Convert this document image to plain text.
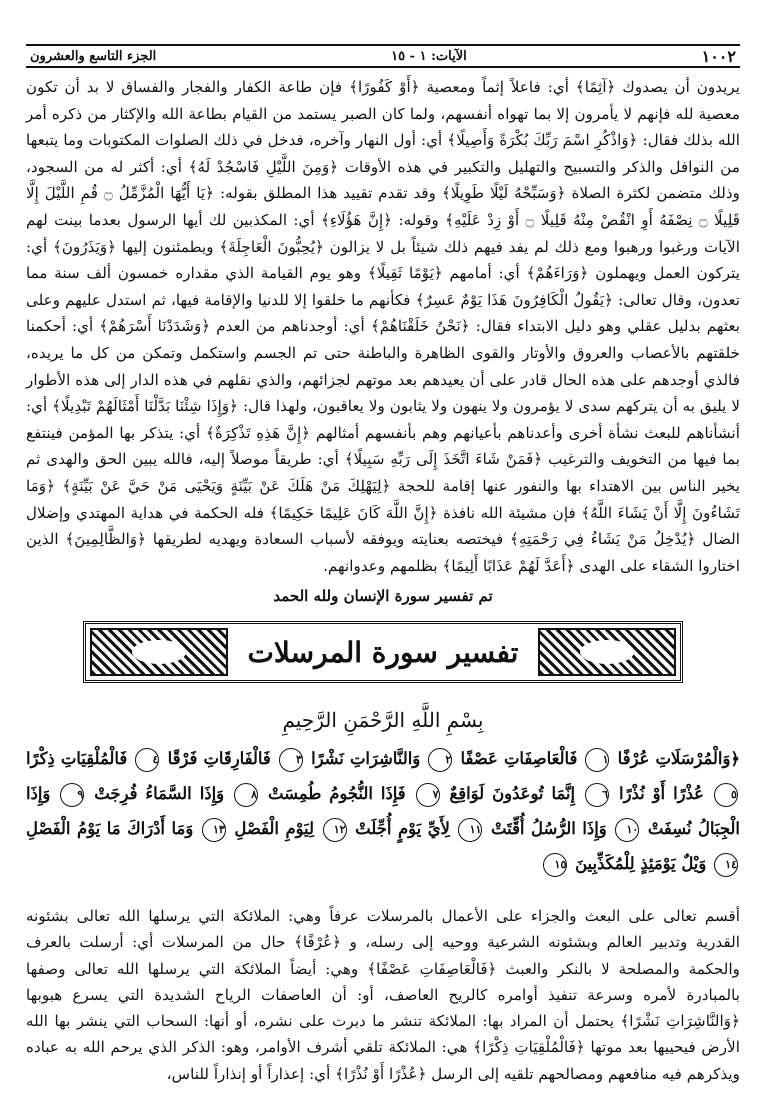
١٠٠٢
الآيات: ١ - ١٥
الجزء التاسع والعشرون

يريدون أن يصدوك ﴿آثِمًا﴾ أي: فاعلاً إثماً ومعصية ﴿أَوْ كَفُورًا﴾ فإن طاعة الكفار والفجار والفساق لا بد أن تكون معصية لله فإنهم لا يأمرون إلا بما تهواه أنفسهم، ولما كان الصبر يستمد من القيام بطاعة الله والإكثار من ذكره أمر الله بذلك فقال: ﴿وَاذْكُرِ اسْمَ رَبِّكَ بُكْرَةً وَأَصِيلًا﴾ أي: أول النهار وآخره، فدخل في ذلك الصلوات المكتوبات وما يتبعها من النوافل والذكر والتسبيح والتهليل والتكبير في هذه الأوقات ﴿وَمِنَ اللَّيْلِ فَاسْجُدْ لَهُ﴾ أي: أكثر له من السجود، وذلك متضمن لكثرة الصلاة ﴿وَسَبِّحْهُ لَيْلًا طَوِيلًا﴾ وقد تقدم تقييد هذا المطلق بقوله: ﴿يَا أَيُّهَا الْمُزَّمِّلُ ۝ قُمِ اللَّيْلَ إِلَّا قَلِيلًا ۝ نِصْفَهُ أَوِ انْقُصْ مِنْهُ قَلِيلًا ۝ أَوْ زِدْ عَلَيْهِ﴾ وقوله: ﴿إِنَّ هَؤُلَاءِ﴾ أي: المكذبين لك أيها الرسول بعدما بينت لهم الآيات ورغبوا ورهبوا ومع ذلك لم يفد فيهم ذلك شيئاً بل لا يزالون ﴿يُحِبُّونَ الْعَاجِلَةَ﴾ ويطمئنون إليها ﴿وَيَذَرُونَ﴾ أي: يتركون العمل ويهملون ﴿وَرَاءَهُمْ﴾ أي: أمامهم ﴿يَوْمًا ثَقِيلًا﴾ وهو يوم القيامة الذي مقداره خمسون ألف سنة مما تعدون، وقال تعالى: ﴿يَقُولُ الْكَافِرُونَ هَذَا يَوْمٌ عَسِرٌ﴾ فكأنهم ما خلقوا إلا للدنيا والإقامة فيها، ثم استدل عليهم وعلى بعثهم بدليل عقلي وهو دليل الابتداء فقال: ﴿نَحْنُ خَلَقْنَاهُمْ﴾ أي: أوجدناهم من العدم ﴿وَشَدَدْنَا أَسْرَهُمْ﴾ أي: أحكمنا خلقتهم بالأعصاب والعروق والأوتار والقوى الظاهرة والباطنة حتى تم الجسم واستكمل وتمكن من كل ما يريده، فالذي أوجدهم على هذه الحال قادر على أن يعيدهم بعد موتهم لجزائهم، والذي نقلهم في هذه الدار إلى هذه الأطوار لا يليق به أن يتركهم سدى لا يؤمرون ولا ينهون ولا يثابون ولا يعاقبون، ولهذا قال: ﴿وَإِذَا شِئْنَا بَدَّلْنَا أَمْثَالَهُمْ تَبْدِيلًا﴾ أي: أنشأناهم للبعث نشأة أخرى وأعدناهم بأعيانهم وهم بأنفسهم أمثالهم ﴿إِنَّ هَذِهِ تَذْكِرَةٌ﴾ أي: يتذكر بها المؤمن فينتفع بما فيها من التخويف والترغيب ﴿فَمَنْ شَاءَ اتَّخَذَ إِلَى رَبِّهِ سَبِيلًا﴾ أي: طريقاً موصلاً إليه، فالله يبين الحق والهدى ثم يخير الناس بين الاهتداء بها والنفور عنها إقامة للحجة ﴿لِيَهْلِكَ مَنْ هَلَكَ عَنْ بَيِّنَةٍ وَيَحْيَى مَنْ حَيَّ عَنْ بَيِّنَةٍ﴾ ﴿وَمَا تَشَاءُونَ إِلَّا أَنْ يَشَاءَ اللَّهُ﴾ فإن مشيئة الله نافذة ﴿إِنَّ اللَّهَ كَانَ عَلِيمًا حَكِيمًا﴾ فله الحكمة في هداية المهتدي وإضلال الضال ﴿يُدْخِلُ مَنْ يَشَاءُ فِي رَحْمَتِهِ﴾ فيختصه بعنايته ويوفقه لأسباب السعادة ويهديه لطريقها ﴿وَالظَّالِمِينَ﴾ الذين اختاروا الشقاء على الهدى ﴿أَعَدَّ لَهُمْ عَذَابًا أَلِيمًا﴾ بظلمهم وعدوانهم.

تم تفسير سورة الإنسان ولله الحمد

تفسير سورة المرسلات
بِسْمِ اللَّهِ الرَّحْمَنِ الرَّحِيمِ

﴿وَالْمُرْسَلَاتِ عُرْفًا ١ فَالْعَاصِفَاتِ عَصْفًا ٢ وَالنَّاشِرَاتِ نَشْرًا ٣ فَالْفَارِقَاتِ فَرْقًا ٤ فَالْمُلْقِيَاتِ ذِكْرًا ٥ عُذْرًا أَوْ نُذْرًا ٦ إِنَّمَا تُوعَدُونَ لَوَاقِعٌ ٧ فَإِذَا النُّجُومُ طُمِسَتْ ٨ وَإِذَا السَّمَاءُ فُرِجَتْ ٩ وَإِذَا الْجِبَالُ نُسِفَتْ ١٠ وَإِذَا الرُّسُلُ أُقِّتَتْ ١١ لِأَيِّ يَوْمٍ أُجِّلَتْ ١٢ لِيَوْمِ الْفَصْلِ ١٣ وَمَا أَدْرَاكَ مَا يَوْمُ الْفَصْلِ ١٤ وَيْلٌ يَوْمَئِذٍ لِلْمُكَذِّبِينَ ١٥

أقسم تعالى على البعث والجزاء على الأعمال بالمرسلات عرفاً وهي: الملائكة التي يرسلها الله تعالى بشئونه القدرية وتدبير العالم وبشئونه الشرعية ووحيه إلى رسله، و ﴿عُرْفًا﴾ حال من المرسلات أي: أرسلت بالعرف والحكمة والمصلحة لا بالنكر والعبث ﴿فَالْعَاصِفَاتِ عَصْفًا﴾ وهي: أيضاً الملائكة التي يرسلها الله تعالى وصفها بالمبادرة لأمره وسرعة تنفيذ أوامره كالريح العاصف، أو: أن العاصفات الرياح الشديدة التي يسرع هبوبها ﴿وَالنَّاشِرَاتِ نَشْرًا﴾ يحتمل أن المراد بها: الملائكة تنشر ما دبرت على نشره، أو أنها: السحاب التي ينشر بها الله الأرض فيحييها بعد موتها ﴿فَالْمُلْقِيَاتِ ذِكْرًا﴾ هي: الملائكة تلقي أشرف الأوامر، وهو: الذكر الذي يرحم الله به عباده ويذكرهم فيه منافعهم ومصالحهم تلقيه إلى الرسل ﴿عُذْرًا أَوْ نُذْرًا﴾ أي: إعذاراً أو إنذاراً للناس،
